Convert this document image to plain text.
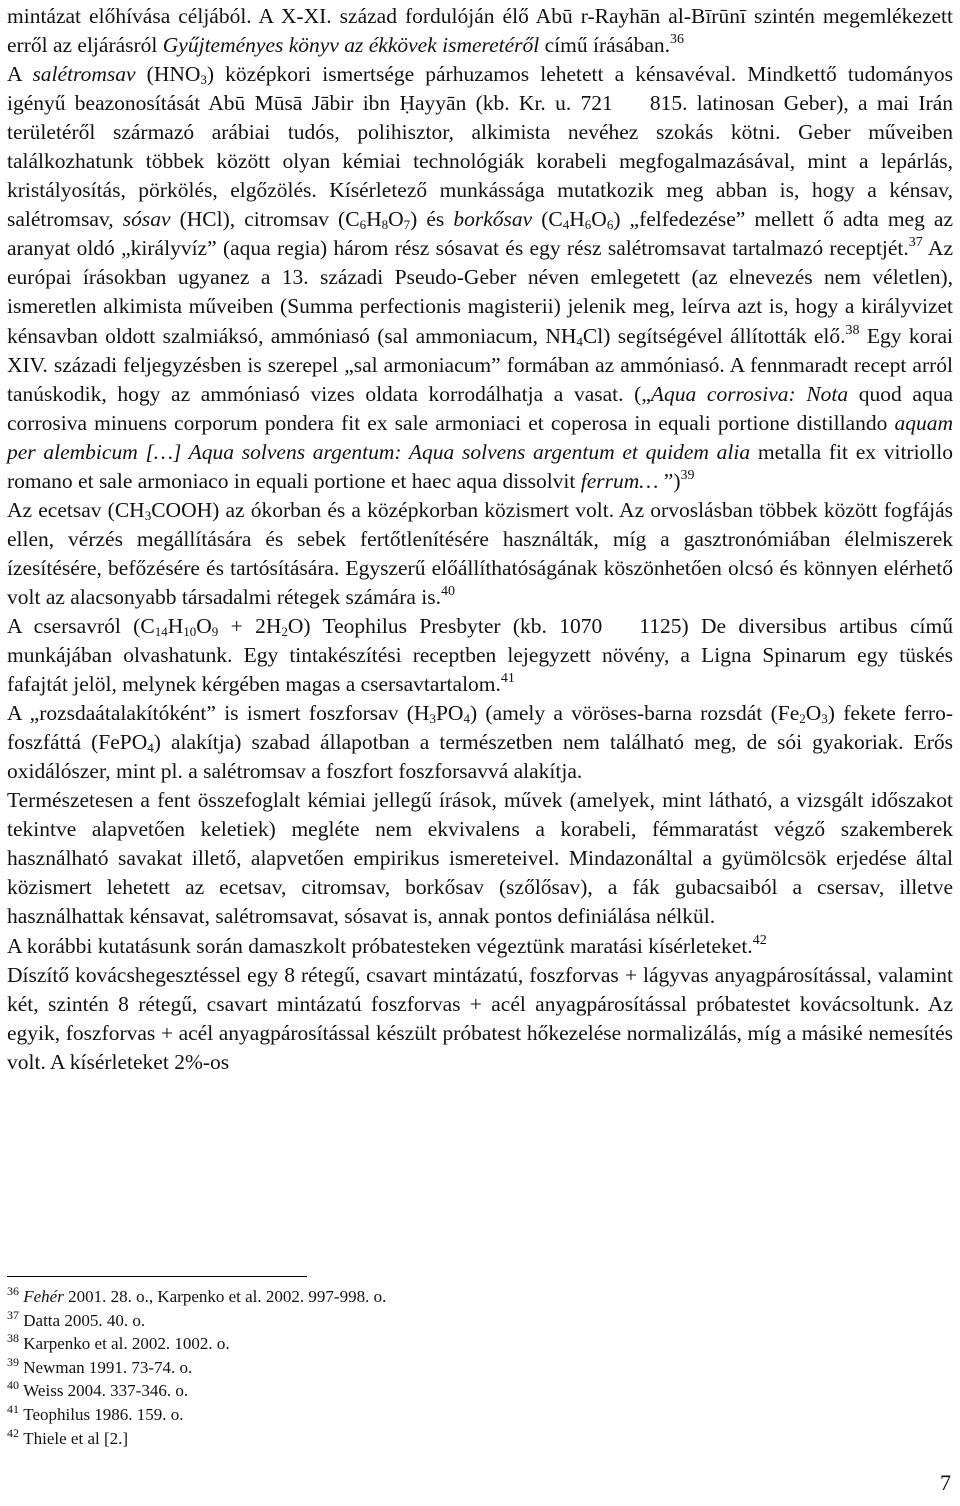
mintázat előhívása céljából. A X-XI. század fordulóján élő Abū r-Rayhān al-Bīrūnī szintén megemlékezett erről az eljárásról Gyűjteményes könyv az ékkövek ismeretéről című írásában.$^{36}$

A salétromsav $(HNO_3)$ középkori ismertsége párhuzamos lehetett a kénsavéval. Mindkettő tudományos igényű beazonosítását Abū Mūsā Jābir ibn Ḥayyān (kb. Kr. u. 721    815. latinosan Geber), a mai Irán területéről származó arábiai tudós, polihisztor, alkimista nevéhez szokás kötni. Geber műveiben találkozhatunk többek között olyan kémiai technológiák korabeli megfogalmazásával, mint a lepárlás, kristályosítás, pörkölés, elgőzölés. Kísérletező munkássága mutatkozik meg abban is, hogy a kénsav, salétromsav, sósav (HCl), citromsav $(C_6H_8O_7)$ és borkősav $(C_4H_6O_6)$ „felfedezése” mellett ő adta meg az aranyat oldó „királyvíz” (aqua regia) három rész sósavat és egy rész salétromsavat tartalmazó receptjét.$^{37}$ Az európai írásokban ugyanez a 13. századi Pseudo-Geber néven emlegetett (az elnevezés nem véletlen), ismeretlen alkimista műveiben (Summa perfectionis magisterii) jelenik meg, leírva azt is, hogy a királyvizet kénsavban oldott szalmiáksó, ammóniasó (sal ammoniacum, $NH_4Cl$) segítségével állították elő.$^{38}$ Egy korai XIV. századi feljegyzésben is szerepel „sal armoniacum” formában az ammóniasó. A fennmaradt recept arról tanúskodik, hogy az ammóniasó vizes oldata korrodálhatja a vasat. („Aqua corrosiva: Nota quod aqua corrosiva minuens corporum pondera fit ex sale armoniaci et coperosa in equali portione distillando aquam per alembicum […] Aqua solvens argentum: Aqua solvens argentum et quidem alia metalla fit ex vitriollo romano et sale armoniaco in equali portione et haec aqua dissolvit ferrum… ”)$^{39}$

Az ecetsav $(CH_3COOH)$ az ókorban és a középkorban közismert volt. Az orvoslásban többek között fogfájás ellen, vérzés megállítására és sebek fertőtlenítésére használták, míg a gasztronómiában élelmiszerek ízesítésére, befőzésére és tartósítására. Egyszerű előállíthatóságának köszönhetően olcsó és könnyen elérhető volt az alacsonyabb társadalmi rétegek számára is.$^{40}$

A csersavról $(C_{14}H_{10}O_9 + 2H_2O)$ Teophilus Presbyter (kb. 1070   1125) De diversibus artibus című munkájában olvashatunk. Egy tintakészítési receptben lejegyzett növény, a Ligna Spinarum egy tüskés fafajtát jelöl, melynek kérgében magas a csersavtartalom.$^{41}$

A „rozsdaátalakítóként” is ismert foszforsav $(H_3PO_4)$ (amely a vöröses-barna rozsdát $(Fe_2O_3)$ fekete ferro-foszfáttá (FePO$_4$) alakítja) szabad állapotban a természetben nem található meg, de sói gyakoriak. Erős oxidálószer, mint pl. a salétromsav a foszfort foszforsavvá alakítja.

Természetesen a fent összefoglalt kémiai jellegű írások, művek (amelyek, mint látható, a vizsgált időszakot tekintve alapvetően keletiek) megléte nem ekvivalens a korabeli, fémmaratást végző szakemberek használható savakat illető, alapvetően empirikus ismereteivel. Mindazonáltal a gyümölcsök erjedése által közismert lehetett az ecetsav, citromsav, borkősav (szőlősav), a fák gubacsaiból a csersav, illetve használhattak kénsavat, salétromsavat, sósavat is, annak pontos definiálása nélkül.

A korábbi kutatásunk során damaszkolt próbatesteken végeztünk maratási kísérleteket.$^{42}$

Díszítő kovácshegesztéssel egy 8 rétegű, csavart mintázatú, foszforvas + lágyvas anyagpárosítással, valamint két, szintén 8 rétegű, csavart mintázatú foszforvas + acél anyagpárosítással próbatestet kovácsoltunk. Az egyik, foszforvas + acél anyagpárosítással készült próbatest hőkezelése normalizálás, míg a másiké nemesítés volt. A kísérleteket 2%-os

$^{36}$ Fehér 2001. 28. o., Karpenko et al. 2002. 997-998. o.

$^{37}$ Datta 2005. 40. o.

$^{38}$ Karpenko et al. 2002. 1002. o.

$^{39}$ Newman 1991. 73-74. o.

$^{40}$ Weiss 2004. 337-346. o.

$^{41}$ Teophilus 1986. 159. o.

$^{42}$ Thiele et al [2.]

7
